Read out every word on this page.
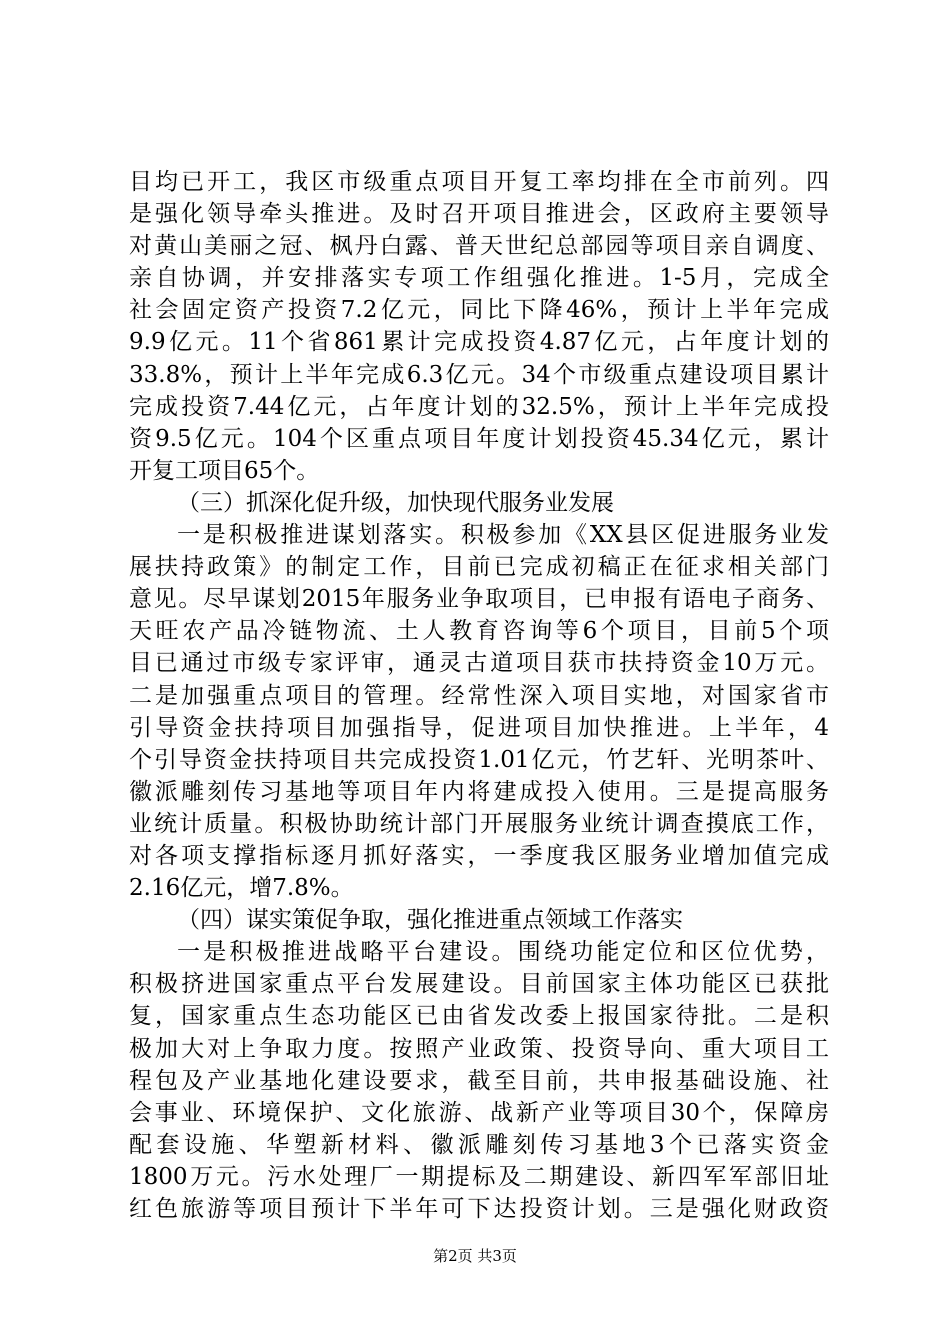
目均已开工，我区市级重点项目开复工率均排在全市前列。四
是强化领导牵头推进。及时召开项目推进会，区政府主要领导
对黄山美丽之冠、枫丹白露、普天世纪总部园等项目亲自调度、
亲自协调，并安排落实专项工作组强化推进。1-5月，完成全
社会固定资产投资7.2亿元，同比下降46%，预计上半年完成
9.9亿元。11个省861累计完成投资4.87亿元，占年度计划的
33.8%，预计上半年完成6.3亿元。34个市级重点建设项目累计
完成投资7.44亿元，占年度计划的32.5%，预计上半年完成投
资9.5亿元。104个区重点项目年度计划投资45.34亿元，累计
开复工项目65个。
（三）抓深化促升级，加快现代服务业发展
一是积极推进谋划落实。积极参加《XX县区促进服务业发
展扶持政策》的制定工作，目前已完成初稿正在征求相关部门
意见。尽早谋划2015年服务业争取项目，已申报有语电子商务、
天旺农产品冷链物流、土人教育咨询等6个项目，目前5个项
目已通过市级专家评审，通灵古道项目获市扶持资金10万元。
二是加强重点项目的管理。经常性深入项目实地，对国家省市
引导资金扶持项目加强指导，促进项目加快推进。上半年，4
个引导资金扶持项目共完成投资1.01亿元，竹艺轩、光明茶叶、
徽派雕刻传习基地等项目年内将建成投入使用。三是提高服务
业统计质量。积极协助统计部门开展服务业统计调查摸底工作，
对各项支撑指标逐月抓好落实，一季度我区服务业增加值完成
2.16亿元，增7.8%。
（四）谋实策促争取，强化推进重点领域工作落实
一是积极推进战略平台建设。围绕功能定位和区位优势，
积极挤进国家重点平台发展建设。目前国家主体功能区已获批
复，国家重点生态功能区已由省发改委上报国家待批。二是积
极加大对上争取力度。按照产业政策、投资导向、重大项目工
程包及产业基地化建设要求，截至目前，共申报基础设施、社
会事业、环境保护、文化旅游、战新产业等项目30个，保障房
配套设施、华塑新材料、徽派雕刻传习基地3个已落实资金
1800万元。污水处理厂一期提标及二期建设、新四军军部旧址
红色旅游等项目预计下半年可下达投资计划。三是强化财政资
第2页 共3页
